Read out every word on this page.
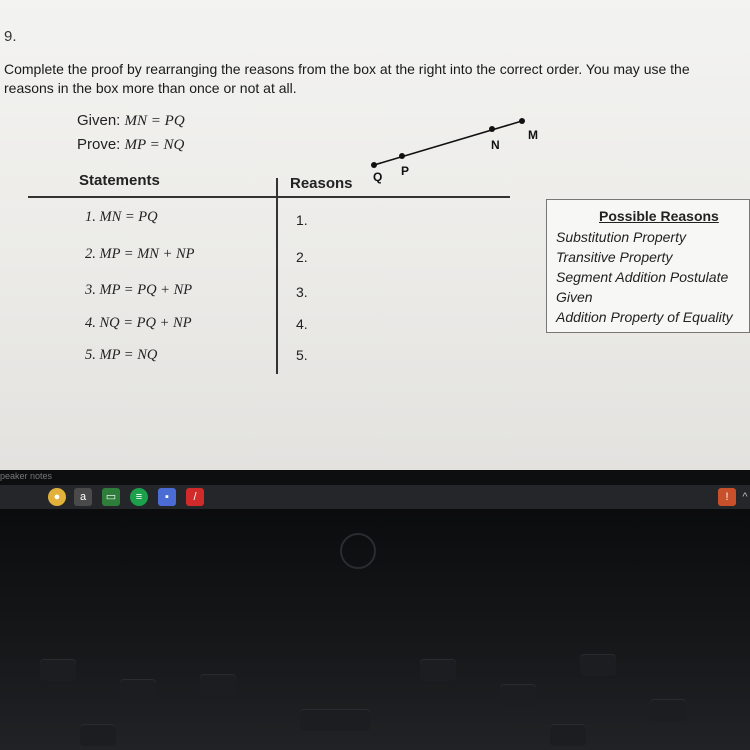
9.
Complete the proof by rearranging the reasons from the box at the right into the correct order. You may use the reasons in the box more than once or not at all.
Given: MN = PQ
Prove: MP = NQ
Q P
N
M
Statements	Reasons
1. MN = PQ	1.
2. MP = MN + NP	2.
3. MP = PQ + NP	3.
4. NQ = PQ + NP	4.
5. MP = NQ	5.
Possible Reasons
Substitution Property
Transitive Property
Segment Addition Postulate
Given
Addition Property of Equality
peaker notes
●	a	▭	≡	▪	/	!	^
